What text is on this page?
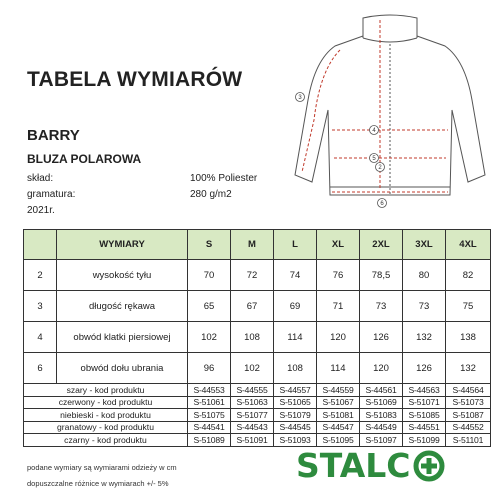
TABELA WYMIARÓW
BARRY
BLUZA POLAROWA
skład:	100% Poliester
gramatura:	280 g/m2
2021r.
2
3
4
5
6
	WYMIARY	S	M	L	XL	2XL	3XL	4XL
2	wysokość tyłu	70	72	74	76	78,5	80	82
3	długość rękawa	65	67	69	71	73	73	75
4	obwód klatki piersiowej	102	108	114	120	126	132	138
6	obwód dołu ubrania	96	102	108	114	120	126	132
szary - kod produktu		S-44553	S-44555	S-44557	S-44559	S-44561	S-44563	S-44564
czerwony - kod produktu		S-51061	S-51063	S-51065	S-51067	S-51069	S-51071	S-51073
niebieski - kod produktu		S-51075	S-51077	S-51079	S-51081	S-51083	S-51085	S-51087
granatowy - kod produktu		S-44541	S-44543	S-44545	S-44547	S-44549	S-44551	S-44552
czarny - kod produktu		S-51089	S-51091	S-51093	S-51095	S-51097	S-51099	S-51101
podane wymiary są wymiarami odzieży w cm
dopuszczalne różnice w wymiarach +/- 5%	STALC
